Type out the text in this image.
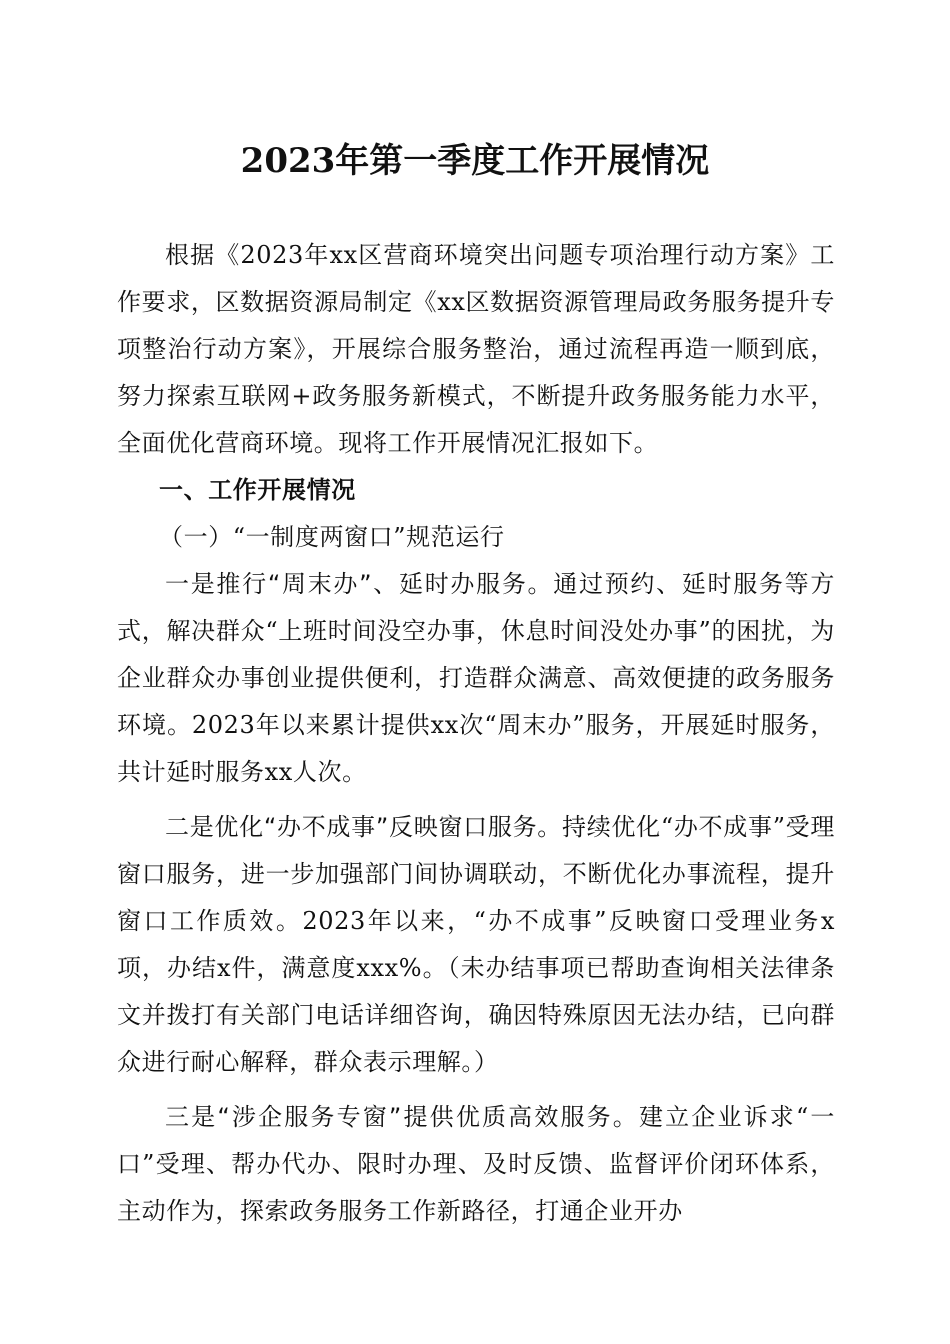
2023年第一季度工作开展情况

根据《2023年xx区营商环境突出问题专项治理行动方案》工作要求，区数据资源局制定《xx区数据资源管理局政务服务提升专项整治行动方案》，开展综合服务整治，通过流程再造一顺到底，努力探索互联网+政务服务新模式，不断提升政务服务能力水平，全面优化营商环境。现将工作开展情况汇报如下。

一、工作开展情况

（一）“一制度两窗口”规范运行

一是推行“周末办”、延时办服务。通过预约、延时服务等方式，解决群众“上班时间没空办事，休息时间没处办事”的困扰，为企业群众办事创业提供便利，打造群众满意、高效便捷的政务服务环境。2023年以来累计提供xx次“周末办”服务，开展延时服务，共计延时服务xx人次。

二是优化“办不成事”反映窗口服务。持续优化“办不成事”受理窗口服务，进一步加强部门间协调联动，不断优化办事流程，提升窗口工作质效。2023年以来，“办不成事”反映窗口受理业务x项，办结x件，满意度xxx%。（未办结事项已帮助查询相关法律条文并拨打有关部门电话详细咨询，确因特殊原因无法办结，已向群众进行耐心解释，群众表示理解。）

三是“涉企服务专窗”提供优质高效服务。建立企业诉求“一口”受理、帮办代办、限时办理、及时反馈、监督评价闭环体系，主动作为，探索政务服务工作新路径，打通企业开办
